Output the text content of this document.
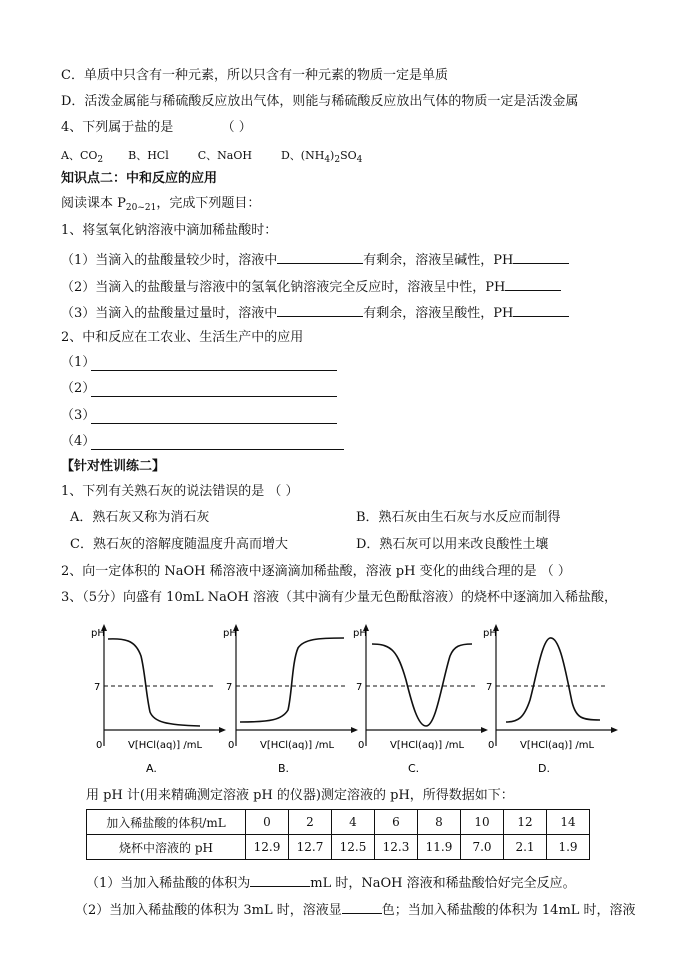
C．单质中只含有一种元素，所以只含有一种元素的物质一定是单质
D．活泼金属能与稀硫酸反应放出气体，则能与稀硫酸反应放出气体的物质一定是活泼金属
4、下列属于盐的是	（ ）
A、$CO_2$ B、HCl	C、NaOH	D、$(NH_4)_2SO_4$
知识点二：中和反应的应用
阅读课本 $P_{20\sim 21}$，完成下列题目：
1、将氢氧化钠溶液中滴加稀盐酸时：
（1）当滴入的盐酸量较少时，溶液中	有剩余，溶液呈碱性，PH
（2）当滴入的盐酸量与溶液中的氢氧化钠溶液完全反应时，溶液呈中性，PH
（3）当滴入的盐酸量过量时，溶液中	有剩余，溶液呈酸性，PH
2、中和反应在工农业、生活生产中的应用
（1）
（2）
（3）
（4）
【针对性训练二】
1、下列有关熟石灰的说法错误的是 （ ）
A．熟石灰又称为消石灰	B．熟石灰由生石灰与水反应而制得
C．熟石灰的溶解度随温度升高而增大	D．熟石灰可以用来改良酸性土壤
2、向一定体积的 NaOH 稀溶液中逐滴滴加稀盐酸，溶液 pH 变化的曲线合理的是 （ ）
3、（5分）向盛有 10mL NaOH 溶液（其中滴有少量无色酚酞溶液）的烧杯中逐滴加入稀盐酸，
pH
7
0	V[HCl(aq)] /mL
A.
pH
7
0	V[HCl(aq)] /mL
B.
pH
7
0	V[HCl(aq)] /mL
C.
pH
7
0	V[HCl(aq)] /mL
D.
用 pH 计(用来精确测定溶液 pH 的仪器)测定溶液的 pH，所得数据如下：
加入稀盐酸的体积/mL	0	2	4	6	8	10	12	14
烧杯中溶液的 pH	12.9	12.7	12.5	12.3	11.9	7.0	2.1	1.9
（1）当加入稀盐酸的体积为	mL 时，NaOH 溶液和稀盐酸恰好完全反应。
（2）当加入稀盐酸的体积为 3mL 时，溶液显	色；当加入稀盐酸的体积为 14mL 时，溶液
